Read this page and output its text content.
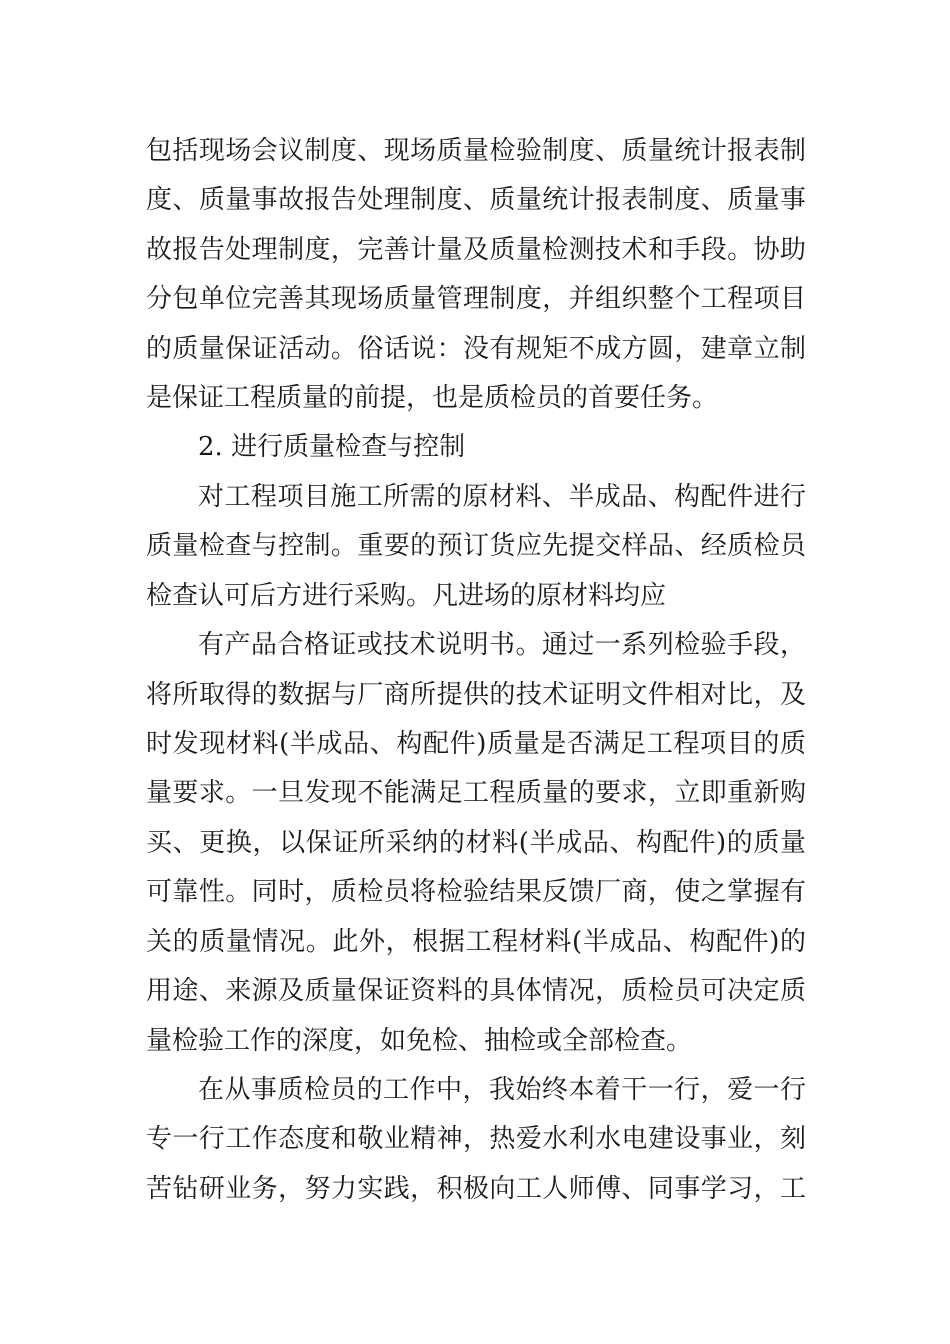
包括现场会议制度、现场质量检验制度、质量统计报表制
度、质量事故报告处理制度、质量统计报表制度、质量事
故报告处理制度，完善计量及质量检测技术和手段。协助
分包单位完善其现场质量管理制度，并组织整个工程项目
的质量保证活动。俗话说：没有规矩不成方圆，建章立制
是保证工程质量的前提，也是质检员的首要任务。
2. 进行质量检查与控制
对工程项目施工所需的原材料、半成品、构配件进行
质量检查与控制。重要的预订货应先提交样品、经质检员
检查认可后方进行采购。凡进场的原材料均应
有产品合格证或技术说明书。通过一系列检验手段，
将所取得的数据与厂商所提供的技术证明文件相对比，及
时发现材料(半成品、构配件)质量是否满足工程项目的质
量要求。一旦发现不能满足工程质量的要求，立即重新购
买、更换，以保证所采纳的材料(半成品、构配件)的质量
可靠性。同时，质检员将检验结果反馈厂商，使之掌握有
关的质量情况。此外，根据工程材料(半成品、构配件)的
用途、来源及质量保证资料的具体情况，质检员可决定质
量检验工作的深度，如免检、抽检或全部检查。
在从事质检员的工作中，我始终本着干一行，爱一行
专一行工作态度和敬业精神，热爱水利水电建设事业，刻
苦钻研业务，努力实践，积极向工人师傅、同事学习，工
